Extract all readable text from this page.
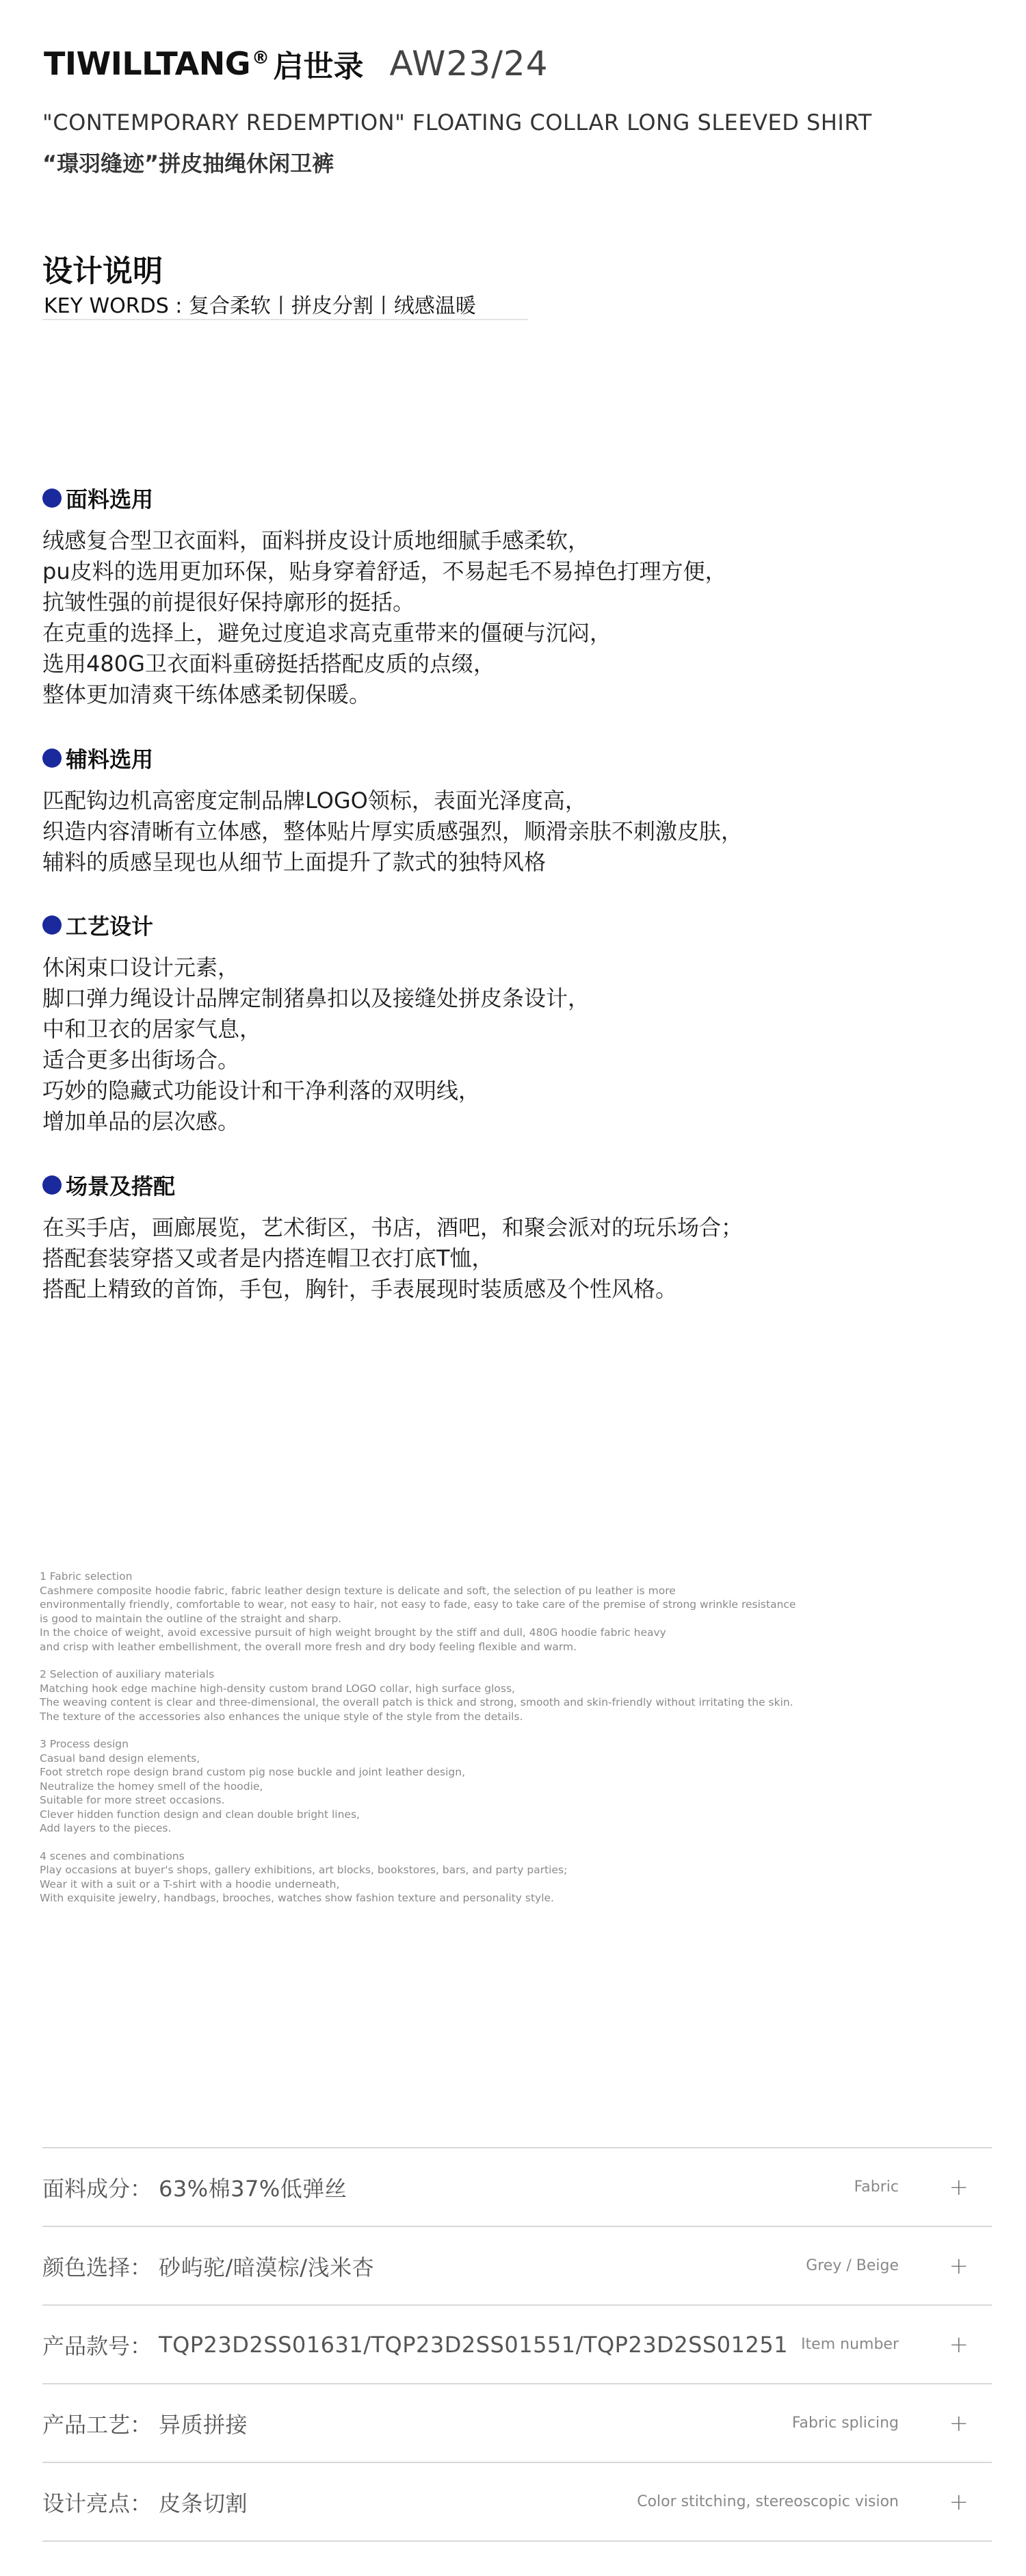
TIWILLTANG® 启世录 AW23/24
"CONTEMPORARY REDEMPTION" FLOATING COLLAR LONG SLEEVED SHIRT
“璟羽缝迹”拼皮抽绳休闲卫裤
设计说明
KEY WORDS : 复合柔软丨拼皮分割丨绒感温暖
面料选用
绒感复合型卫衣面料，面料拼皮设计质地细腻手感柔软，
pu皮料的选用更加环保，贴身穿着舒适，不易起毛不易掉色打理方便，
抗皱性强的前提很好保持廓形的挺括。
在克重的选择上，避免过度追求高克重带来的僵硬与沉闷，
选用480G卫衣面料重磅挺括搭配皮质的点缀，
整体更加清爽干练体感柔韧保暖。
辅料选用
匹配钩边机高密度定制品牌LOGO领标，表面光泽度高，
织造内容清晰有立体感，整体贴片厚实质感强烈，顺滑亲肤不刺激皮肤，
辅料的质感呈现也从细节上面提升了款式的独特风格
工艺设计
休闲束口设计元素，
脚口弹力绳设计品牌定制猪鼻扣以及接缝处拼皮条设计，
中和卫衣的居家气息，
适合更多出街场合。
巧妙的隐藏式功能设计和干净利落的双明线，
增加单品的层次感。
场景及搭配
在买手店，画廊展览，艺术街区，书店，酒吧，和聚会派对的玩乐场合；
搭配套装穿搭又或者是内搭连帽卫衣打底T恤，
搭配上精致的首饰，手包，胸针，手表展现时装质感及个性风格。
1 Fabric selection
Cashmere composite hoodie fabric, fabric leather design texture is delicate and soft, the selection of pu leather is more
environmentally friendly, comfortable to wear, not easy to hair, not easy to fade, easy to take care of the premise of strong wrinkle resistance
is good to maintain the outline of the straight and sharp.
In the choice of weight, avoid excessive pursuit of high weight brought by the stiff and dull, 480G hoodie fabric heavy
and crisp with leather embellishment, the overall more fresh and dry body feeling flexible and warm.
2 Selection of auxiliary materials
Matching hook edge machine high-density custom brand LOGO collar, high surface gloss,
The weaving content is clear and three-dimensional, the overall patch is thick and strong, smooth and skin-friendly without irritating the skin.
The texture of the accessories also enhances the unique style of the style from the details.
3 Process design
Casual band design elements,
Foot stretch rope design brand custom pig nose buckle and joint leather design,
Neutralize the homey smell of the hoodie,
Suitable for more street occasions.
Clever hidden function design and clean double bright lines,
Add layers to the pieces.
4 scenes and combinations
Play occasions at buyer's shops, gallery exhibitions, art blocks, bookstores, bars, and party parties;
Wear it with a suit or a T-shirt with a hoodie underneath,
With exquisite jewelry, handbags, brooches, watches show fashion texture and personality style.
面料成分： 63%棉37%低弹丝	Fabric +
颜色选择： 砂屿驼/暗漠棕/浅米杏	Grey / Beige +
产品款号： TQP23D2SS01631/TQP23D2SS01551/TQP23D2SS01251 Item number +
产品工艺： 异质拼接	Fabric splicing +
设计亮点： 皮条切割	Color stitching, stereoscopic vision +
